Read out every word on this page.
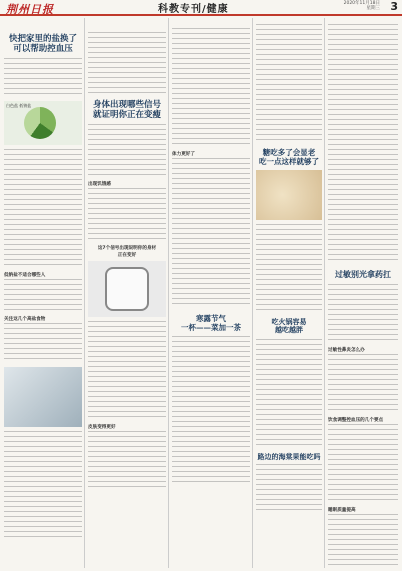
荆州日报	科教专刊/健康
2020年11月18日
星期三 3
快把家里的盐换了
可以帮助控血压
白色盐 低钠盐
低钠盐不适合哪些人
关注这几个高盐食物
身体出现哪些信号
就证明你正在变瘦
出现饥饿感
这7个信号出现说明你的身材
正在变好
皮肤变得更好
体力更好了
寒露节气
一杯——菜加一茶
糖吃多了会显老
吃一点这样就够了
吃火锅容易
越吃越胖
路边的海棠果能吃吗
过敏别光拿药扛
过敏性鼻炎怎么办
饮食调整控血压的几个要点
睡眠质量提高
